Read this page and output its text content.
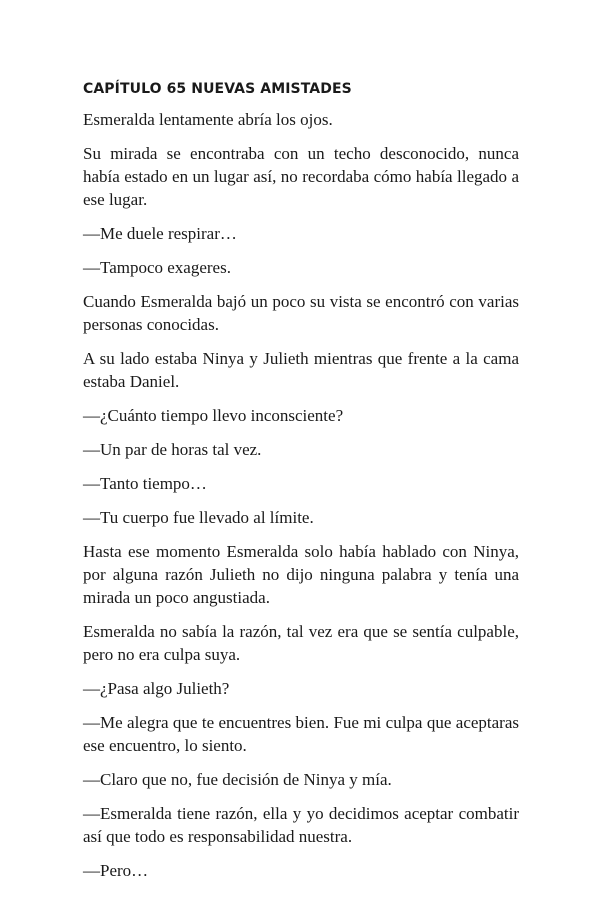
CAPÍTULO 65 NUEVAS AMISTADES

Esmeralda lentamente abría los ojos.

Su mirada se encontraba con un techo desconocido, nunca había estado en un lugar así, no recordaba cómo había llegado a ese lugar.

—Me duele respirar…

—Tampoco exageres.

Cuando Esmeralda bajó un poco su vista se encontró con varias personas conocidas.

A su lado estaba Ninya y Julieth mientras que frente a la cama estaba Daniel.

—¿Cuánto tiempo llevo inconsciente?

—Un par de horas tal vez.

—Tanto tiempo…

—Tu cuerpo fue llevado al límite.

Hasta ese momento Esmeralda solo había hablado con Ninya, por alguna razón Julieth no dijo ninguna palabra y tenía una mirada un poco angustiada.

Esmeralda no sabía la razón, tal vez era que se sentía culpable, pero no era culpa suya.

—¿Pasa algo Julieth?

—Me alegra que te encuentres bien. Fue mi culpa que aceptaras ese encuentro, lo siento.

—Claro que no, fue decisión de Ninya y mía.

—Esmeralda tiene razón, ella y yo decidimos aceptar combatir así que todo es responsabilidad nuestra.

—Pero…
